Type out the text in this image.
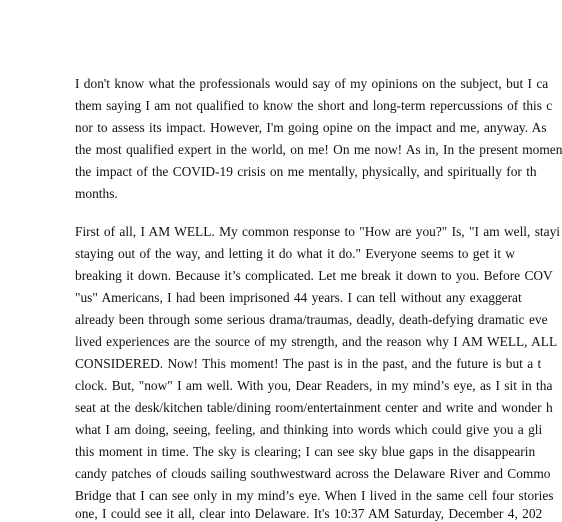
I don't know what the professionals would say of my opinions on the subject, but I ca
them saying I am not qualified to know the short and long-term repercussions of this c
nor to assess its impact. However, I'm going opine on the impact and me, anyway. As
the most qualified expert in the world, on me! On me now! As in, In the present momen
the impact of the COVID-19 crisis on me mentally, physically, and spiritually for th
months.
First of all, I AM WELL. My common response to "How are you?" Is, "I am well, stayi
staying out of the way, and letting it do what it do." Everyone seems to get it w
breaking it down. Because it’s complicated. Let me break it down to you. Before COV
"us" Americans, I had been imprisoned 44 years. I can tell without any exaggerat
already been through some serious drama/traumas, deadly, death-defying dramatic eve
lived experiences are the source of my strength, and the reason why I AM WELL, ALL
CONSIDERED. Now! This moment! The past is in the past, and the future is but a t
clock. But, "now" I am well. With you, Dear Readers, in my mind’s eye, as I sit in tha
seat at the desk/kitchen table/dining room/entertainment center and write and wonder h
what I am doing, seeing, feeling, and thinking into words which could give you a gli
this moment in time. The sky is clearing; I can see sky blue gaps in the disappearin
candy patches of clouds sailing southwestward across the Delaware River and Commo
Bridge that I can see only in my mind’s eye. When I lived in the same cell four stories
one, I could see it all, clear into Delaware. It's 10:37 AM Saturday, December 4, 202
